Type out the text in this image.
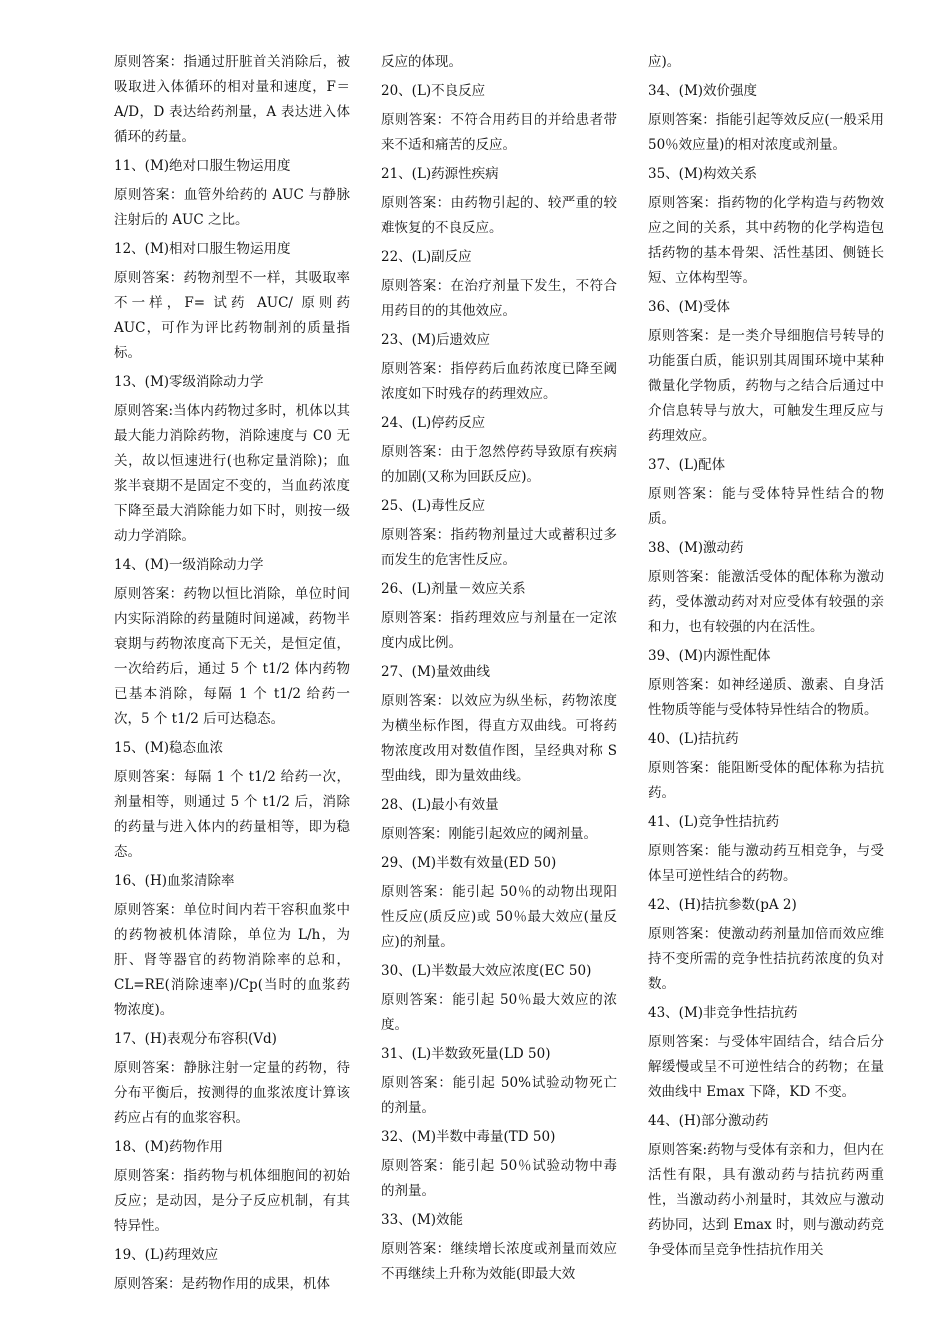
原则答案：指通过肝脏首关消除后，被吸取进入体循环的相对量和速度，F＝A/D，D 表达给药剂量，A 表达进入体循环的药量。
11、(M)绝对口服生物运用度
原则答案：血管外给药的 AUC 与静脉注射后的 AUC 之比。
12、(M)相对口服生物运用度
原则答案：药物剂型不一样，其吸取率不一样，F= 试药 AUC/ 原则药 AUC，可作为评比药物制剂的质量指标。
13、(M)零级消除动力学
原则答案:当体内药物过多时，机体以其最大能力消除药物，消除速度与 C0 无关，故以恒速进行(也称定量消除)；血浆半衰期不是固定不变的，当血药浓度下降至最大消除能力如下时，则按一级动力学消除。
14、(M)一级消除动力学
原则答案：药物以恒比消除，单位时间内实际消除的药量随时间递减，药物半衰期与药物浓度高下无关，是恒定值，一次给药后，通过 5 个 t1/2 体内药物已基本消除，每隔 1 个 t1/2 给药一次，5 个 t1/2 后可达稳态。
15、(M)稳态血浓
原则答案：每隔 1 个 t1/2 给药一次，剂量相等，则通过 5 个 t1/2 后，消除的药量与进入体内的药量相等，即为稳态。
16、(H)血浆清除率
原则答案：单位时间内若干容积血浆中的药物被机体清除，单位为 L/h，为肝、肾等器官的药物消除率的总和，CL=RE(消除速率)/Cp(当时的血浆药物浓度)。
17、(H)表观分布容积(Vd)
原则答案：静脉注射一定量的药物，待分布平衡后，按测得的血浆浓度计算该药应占有的血浆容积。
18、(M)药物作用
原则答案：指药物与机体细胞间的初始反应；是动因，是分子反应机制，有其特异性。
19、(L)药理效应
原则答案：是药物作用的成果，机体
反应的体现。
20、(L)不良反应
原则答案：不符合用药目的并给患者带来不适和痛苦的反应。
21、(L)药源性疾病
原则答案：由药物引起的、较严重的较难恢复的不良反应。
22、(L)副反应
原则答案：在治疗剂量下发生，不符合用药目的的其他效应。
23、(M)后遗效应
原则答案：指停药后血药浓度已降至阈浓度如下时残存的药理效应。
24、(L)停药反应
原则答案：由于忽然停药导致原有疾病的加剧(又称为回跃反应)。
25、(L)毒性反应
原则答案：指药物剂量过大或蓄积过多而发生的危害性反应。
26、(L)剂量－效应关系
原则答案：指药理效应与剂量在一定浓度内成比例。
27、(M)量效曲线
原则答案：以效应为纵坐标，药物浓度为横坐标作图，得直方双曲线。可将药物浓度改用对数值作图，呈经典对称 S 型曲线，即为量效曲线。
28、(L)最小有效量
原则答案：刚能引起效应的阈剂量。
29、(M)半数有效量(ED 50)
原则答案：能引起 50％的动物出现阳性反应(质反应)或 50％最大效应(量反应)的剂量。
30、(L)半数最大效应浓度(EC 50)
原则答案：能引起 50％最大效应的浓度。
31、(L)半数致死量(LD 50)
原则答案：能引起 50%试验动物死亡的剂量。
32、(M)半数中毒量(TD 50)
原则答案：能引起 50％试验动物中毒的剂量。
33、(M)效能
原则答案：继续增长浓度或剂量而效应不再继续上升称为效能(即最大效
应)。
34、(M)效价强度
原则答案：指能引起等效反应(一般采用 50％效应量)的相对浓度或剂量。
35、(M)构效关系
原则答案：指药物的化学构造与药物效应之间的关系，其中药物的化学构造包括药物的基本骨架、活性基团、侧链长短、立体构型等。
36、(M)受体
原则答案：是一类介导细胞信号转导的功能蛋白质，能识别其周围环境中某种微量化学物质，药物与之结合后通过中介信息转导与放大，可触发生理反应与药理效应。
37、(L)配体
原则答案：能与受体特异性结合的物质。
38、(M)激动药
原则答案：能激活受体的配体称为激动药，受体激动药对对应受体有较强的亲和力，也有较强的内在活性。
39、(M)内源性配体
原则答案：如神经递质、激素、自身活性物质等能与受体特异性结合的物质。
40、(L)拮抗药
原则答案：能阻断受体的配体称为拮抗药。
41、(L)竞争性拮抗药
原则答案：能与激动药互相竞争，与受体呈可逆性结合的药物。
42、(H)拮抗参数(pA 2)
原则答案：使激动药剂量加倍而效应维持不变所需的竞争性拮抗药浓度的负对数。
43、(M)非竞争性拮抗药
原则答案：与受体牢固结合，结合后分解缓慢或呈不可逆性结合的药物；在量效曲线中 Emax 下降，KD 不变。
44、(H)部分激动药
原则答案:药物与受体有亲和力，但内在活性有限，具有激动药与拮抗药两重性，当激动药小剂量时，其效应与激动药协同，达到 Emax 时，则与激动药竞争受体而呈竞争性拮抗作用关
